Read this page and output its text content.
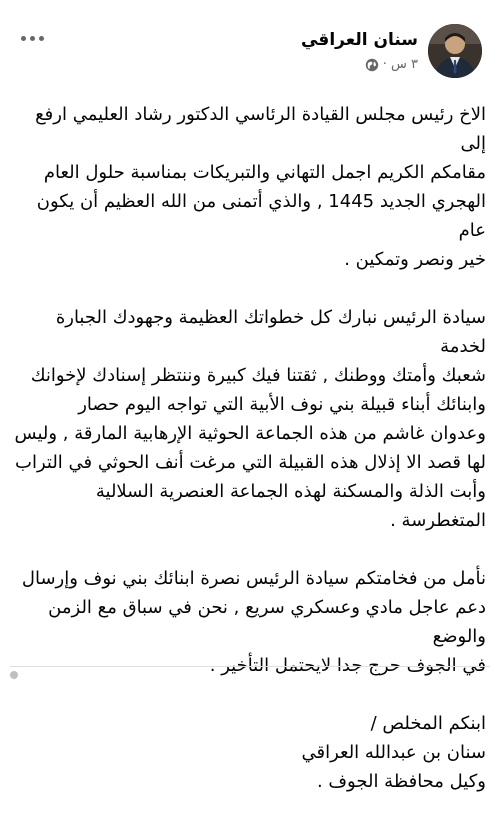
سنان العراقي
٣ س ·

الاخ رئيس مجلس القيادة الرئاسي الدكتور رشاد العليمي ارفع إلى
مقامكم الكريم اجمل التهاني والتبريكات بمناسبة حلول العام
الهجري الجديد 1445 , والذي أتمنى من الله العظيم أن يكون عام
خير ونصر وتمكين .

سيادة الرئيس نبارك كل خطواتك العظيمة وجهودك الجبارة لخدمة
شعبك وأمتك ووطنك , ثقتنا فيك كبيرة وننتظر إسنادك لإخوانك
وابنائك أبناء قبيلة بني نوف الأبية التي تواجه اليوم حصار
وعدوان غاشم من هذه الجماعة الحوثية الإرهابية المارقة , وليس
لها قصد الا إذلال هذه القبيلة التي مرغت أنف الحوثي في التراب
وأبت الذلة والمسكنة لهذه الجماعة العنصرية السلالية المتغطرسة .

نأمل من فخامتكم سيادة الرئيس نصرة ابنائك بني نوف وإرسال
دعم عاجل مادي وعسكري سريع , نحن في سباق مع الزمن والوضع
في الجوف حرج جدا لايحتمل التأخير .

ابنكم المخلص /
سنان بن عبدالله العراقي
وكيل محافظة الجوف .
